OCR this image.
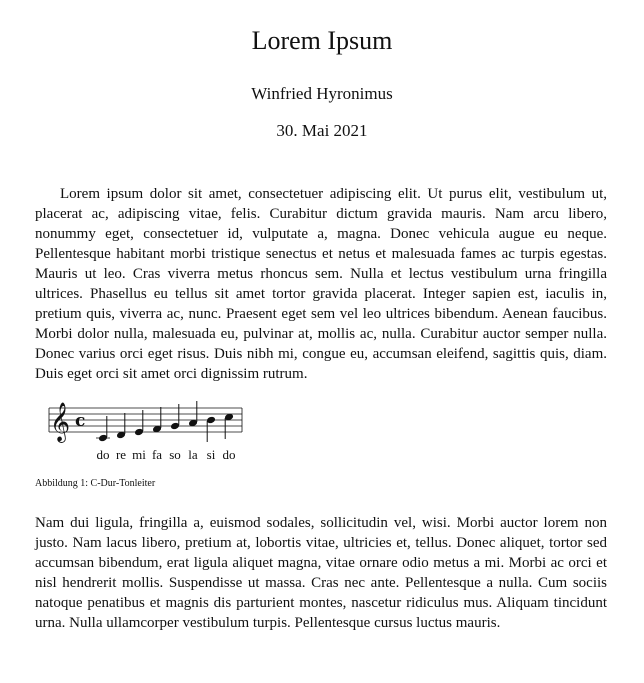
Lorem Ipsum
Winfried Hyronimus
30. Mai 2021

Lorem ipsum dolor sit amet, consectetuer adipiscing elit. Ut purus elit, vestibulum ut, placerat ac, adipiscing vitae, felis. Curabitur dictum gravida mauris. Nam arcu libero, nonummy eget, consectetuer id, vulputate a, magna. Donec vehicula augue eu neque. Pellentesque habitant morbi tristique senectus et netus et malesuada fames ac turpis egestas. Mauris ut leo. Cras viverra metus rhoncus sem. Nulla et lectus vestibulum urna fringilla ultrices. Phasellus eu tellus sit amet tortor gravida placerat. Integer sapien est, iaculis in, pretium quis, viverra ac, nunc. Praesent eget sem vel leo ultrices bibendum. Aenean faucibus. Morbi dolor nulla, malesuada eu, pulvinar at, mollis ac, nulla. Curabitur auctor semper nulla. Donec varius orci eget risus. Duis nibh mi, congue eu, accumsan eleifend, sagittis quis, diam. Duis eget orci sit amet orci dignissim rutrum.

𝄞 c
do re mi fa so la si do
Abbildung 1: C-Dur-Tonleiter

Nam dui ligula, fringilla a, euismod sodales, sollicitudin vel, wisi. Morbi auctor lorem non justo. Nam lacus libero, pretium at, lobortis vitae, ultricies et, tellus. Donec aliquet, tortor sed accumsan bibendum, erat ligula aliquet magna, vitae ornare odio metus a mi. Morbi ac orci et nisl hendrerit mollis. Suspendisse ut massa. Cras nec ante. Pellentesque a nulla. Cum sociis natoque penatibus et magnis dis parturient montes, nascetur ridiculus mus. Aliquam tincidunt urna. Nulla ullamcorper vestibulum turpis. Pellentesque cursus luctus mauris.
